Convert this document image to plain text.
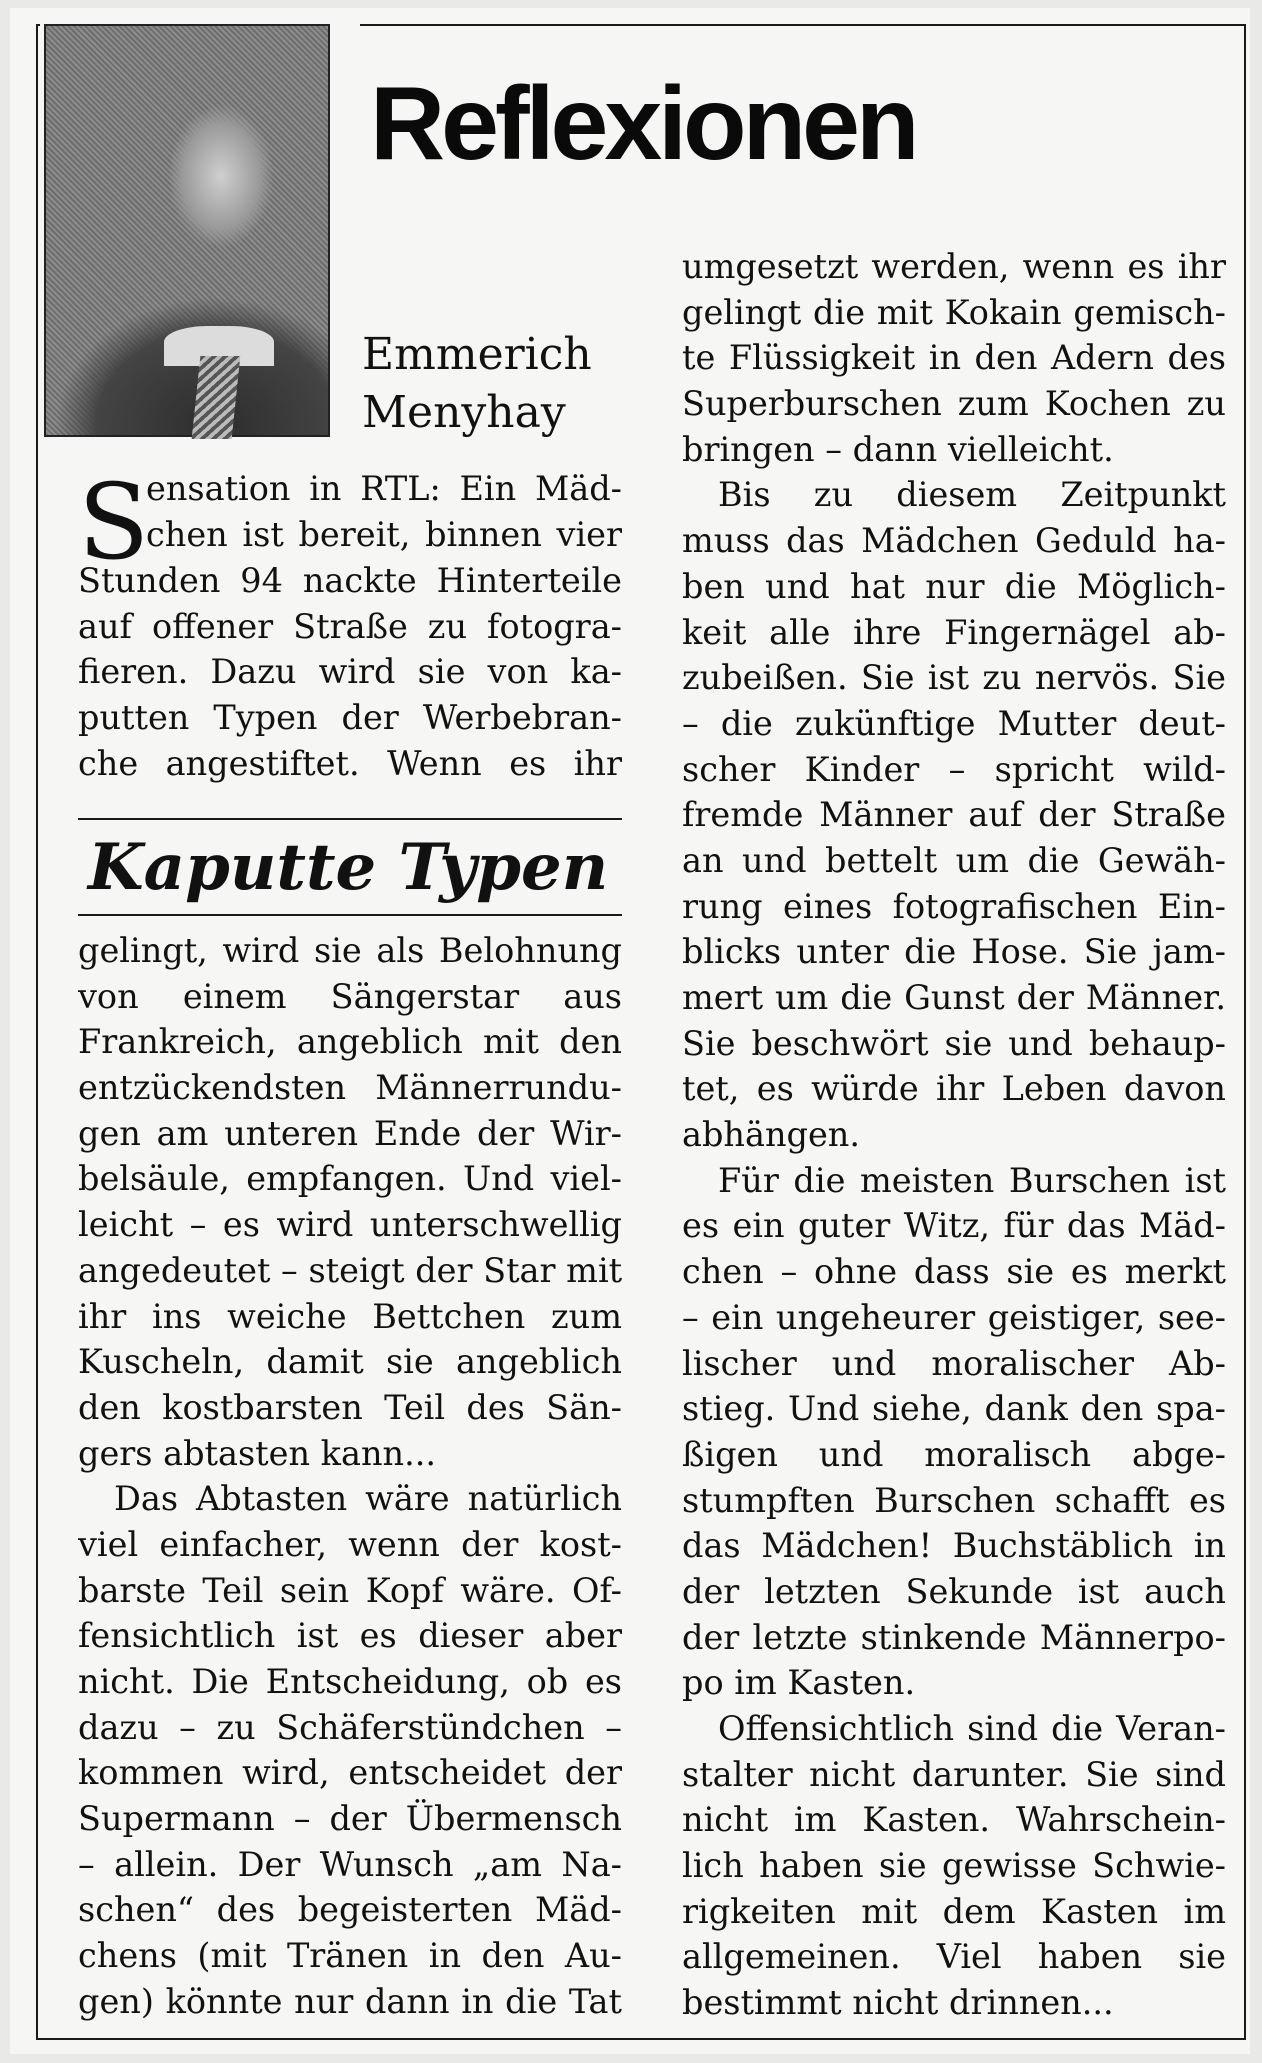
Reflexionen
Emmerich
Menyhay
S
ensation in RTL: Ein Mäd-
chen ist bereit, binnen vier
Stunden 94 nackte Hinterteile
auf offener Straße zu fotogra-
fieren. Dazu wird sie von ka-
putten Typen der Werbebran-
che angestiftet. Wenn es ihr
Kaputte Typen
gelingt, wird sie als Belohnung
von einem Sängerstar aus
Frankreich, angeblich mit den
entzückendsten Männerrundu-
gen am unteren Ende der Wir-
belsäule, empfangen. Und viel-
leicht – es wird unterschwellig
angedeutet – steigt der Star mit
ihr ins weiche Bettchen zum
Kuscheln, damit sie angeblich
den kostbarsten Teil des Sän-
gers abtasten kann...
Das Abtasten wäre natürlich
viel einfacher, wenn der kost-
barste Teil sein Kopf wäre. Of-
fensichtlich ist es dieser aber
nicht. Die Entscheidung, ob es
dazu – zu Schäferstündchen –
kommen wird, entscheidet der
Supermann – der Übermensch
– allein. Der Wunsch „am Na-
schen“ des begeisterten Mäd-
chens (mit Tränen in den Au-
gen) könnte nur dann in die Tat
umgesetzt werden, wenn es ihr
gelingt die mit Kokain gemisch-
te Flüssigkeit in den Adern des
Superburschen zum Kochen zu
bringen – dann vielleicht.
Bis zu diesem Zeitpunkt
muss das Mädchen Geduld ha-
ben und hat nur die Möglich-
keit alle ihre Fingernägel ab-
zubeißen. Sie ist zu nervös. Sie
– die zukünftige Mutter deut-
scher Kinder – spricht wild-
fremde Männer auf der Straße
an und bettelt um die Gewäh-
rung eines fotografischen Ein-
blicks unter die Hose. Sie jam-
mert um die Gunst der Männer.
Sie beschwört sie und behaup-
tet, es würde ihr Leben davon
abhängen.
Für die meisten Burschen ist
es ein guter Witz, für das Mäd-
chen – ohne dass sie es merkt
– ein ungeheurer geistiger, see-
lischer und moralischer Ab-
stieg. Und siehe, dank den spa-
ßigen und moralisch abge-
stumpften Burschen schafft es
das Mädchen! Buchstäblich in
der letzten Sekunde ist auch
der letzte stinkende Männerpo-
po im Kasten.
Offensichtlich sind die Veran-
stalter nicht darunter. Sie sind
nicht im Kasten. Wahrschein-
lich haben sie gewisse Schwie-
rigkeiten mit dem Kasten im
allgemeinen. Viel haben sie
bestimmt nicht drinnen...
